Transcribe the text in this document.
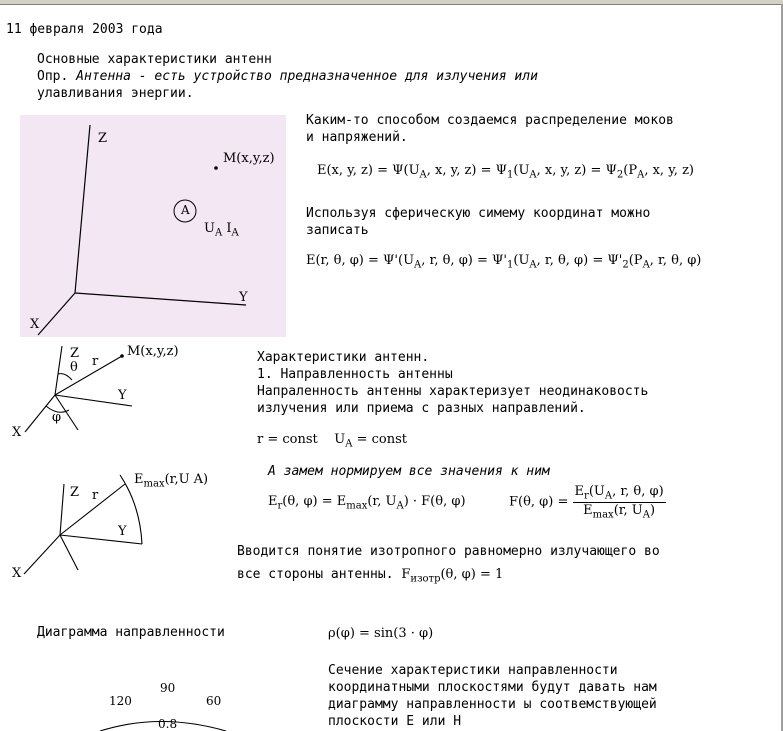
11 февраля 2003 года
Основные характеристики антенн
Опр. Антенна - есть устройство предназначенное для излучения или
улавливания энергии.
Z
M(x,y,z)
A
$U_A$ $I_A$
Y
X
Каким-то способом создаемся распределение моков
и напряжений.
E(x, y, $z) = \Psi(U_A$, x, y, $z) = \Psi_1(U_A$, x, y, $z) = \Psi_2(P_A$, x, y, z)
Используя сферическую симему координат можно
записать
E(r, θ, $\varphi) = \Psi'(U_A$, r, θ, $\varphi) = \Psi'_1(U_A$, r, θ, $\varphi) = \Psi'_2(P_A$, r, θ, φ)
Z
r
M(x,y,z)
θ
Y
φ
X
Характеристики антенн.
1. Направленность антенны
Напраленность антенны характеризует неодинаковость
излучения или приема с разных направлений.
r = const $U_A$ = const
Z r
$E_{max}(r,U$ A)
Y
X
А замем нормируем все значения к ним
$E_r(\theta$, $\varphi) = E_{max}(r$, $U_A) \cdot F(\theta$, φ)	F(θ, $\varphi) = \frac{E_r(U_A, r, \theta, \varphi)}{E_{max}(r, U_A)}$
Вводится понятие изотропного равномерно излучающего во
все стороны антенны. $F_{изотр}(\theta$, φ) = 1
Диаграмма направленности	ρ(φ) = sin(3 · φ)
Сечение характеристики направленности
координатными плоскостями будут давать нам
диаграмму направленности ы соотвемствующей
плоскости E или H
90
120	60
0.8
